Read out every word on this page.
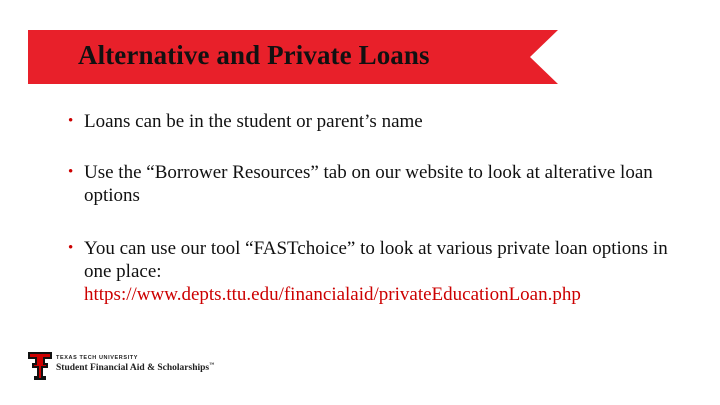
Alternative and Private Loans
• Loans can be in the student or parent’s name
• Use the “Borrower Resources” tab on our website to look at alterative loan options
• You can use our tool “FASTchoice” to look at various private loan options in one place:
https://www.depts.ttu.edu/financialaid/privateEducationLoan.php
TEXAS TECH UNIVERSITY
Student Financial Aid & Scholarships™
